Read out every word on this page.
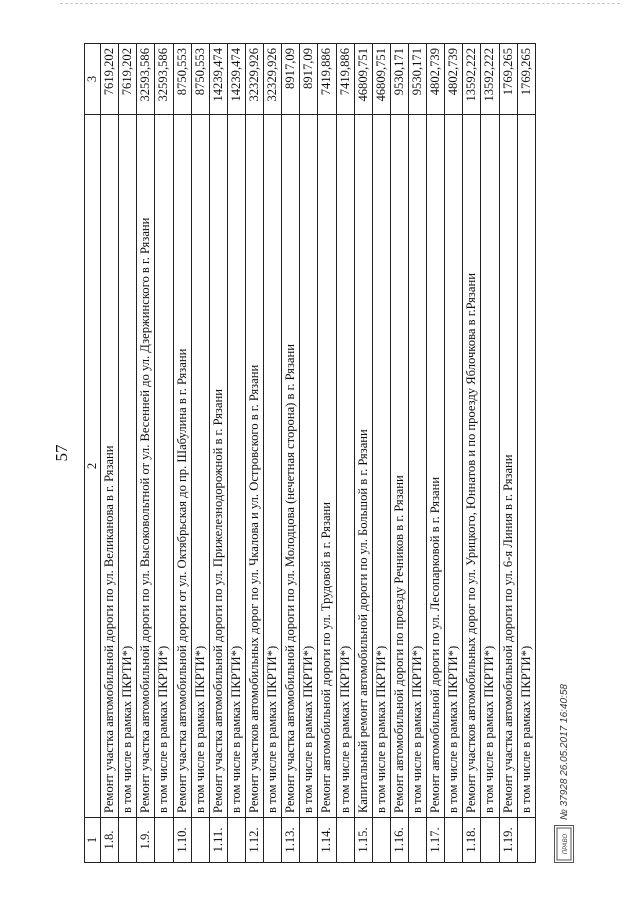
57
1	2	3
1.8.	Ремонт участка автомобильной дороги по ул. Великанова в г. Рязани	7619,202
	в том числе в рамках ПКРТИ*)	7619,202
1.9.	Ремонт участка автомобильной дороги по ул. Высоковольтной от ул. Весенней до ул. Дзержинского в г. Рязани	32593,586
	в том числе в рамках ПКРТИ*)	32593,586
1.10.	Ремонт участка автомобильной дороги от ул. Октябрьская до пр. Шабулина в г. Рязани	8750,553
	в том числе в рамках ПКРТИ*)	8750,553
1.11.	Ремонт участка автомобильной дороги по ул. Прижелезнодорожной в г. Рязани	14239,474
	в том числе в рамках ПКРТИ*)	14239,474
1.12.	Ремонт участков автомобильных дорог по ул. Чкалова и ул. Островского в г. Рязани	32329,926
	в том числе в рамках ПКРТИ*)	32329,926
1.13.	Ремонт участка автомобильной дороги по ул. Молодцова (нечетная сторона) в г. Рязани	8917,09
	в том числе в рамках ПКРТИ*)	8917,09
1.14.	Ремонт автомобильной дороги по ул. Трудовой в г. Рязани	7419,886
	в том числе в рамках ПКРТИ*)	7419,886
1.15.	Капитальный ремонт автомобильной дороги по ул. Большой в г. Рязани	46809,751
	в том числе в рамках ПКРТИ*)	46809,751
1.16.	Ремонт автомобильной дороги по проезду Речников в г. Рязани	9530,171
	в том числе в рамках ПКРТИ*)	9530,171
1.17.	Ремонт автомобильной дороги по ул. Лесопарковой в г. Рязани	4802,739
	в том числе в рамках ПКРТИ*)	4802,739
1.18.	Ремонт участков автомобильных дорог по ул. Урицкого, Юннатов и по проезду Яблочкова в г.Рязани	13592,222
	в том числе в рамках ПКРТИ*)	13592,222
1.19.	Ремонт участка автомобильной дороги по ул. 6-я Линия в г. Рязани	1769,265
	в том числе в рамках ПКРТИ*)	1769,265
ПРАВО
№ 37928 26.05.2017 16:40:58
